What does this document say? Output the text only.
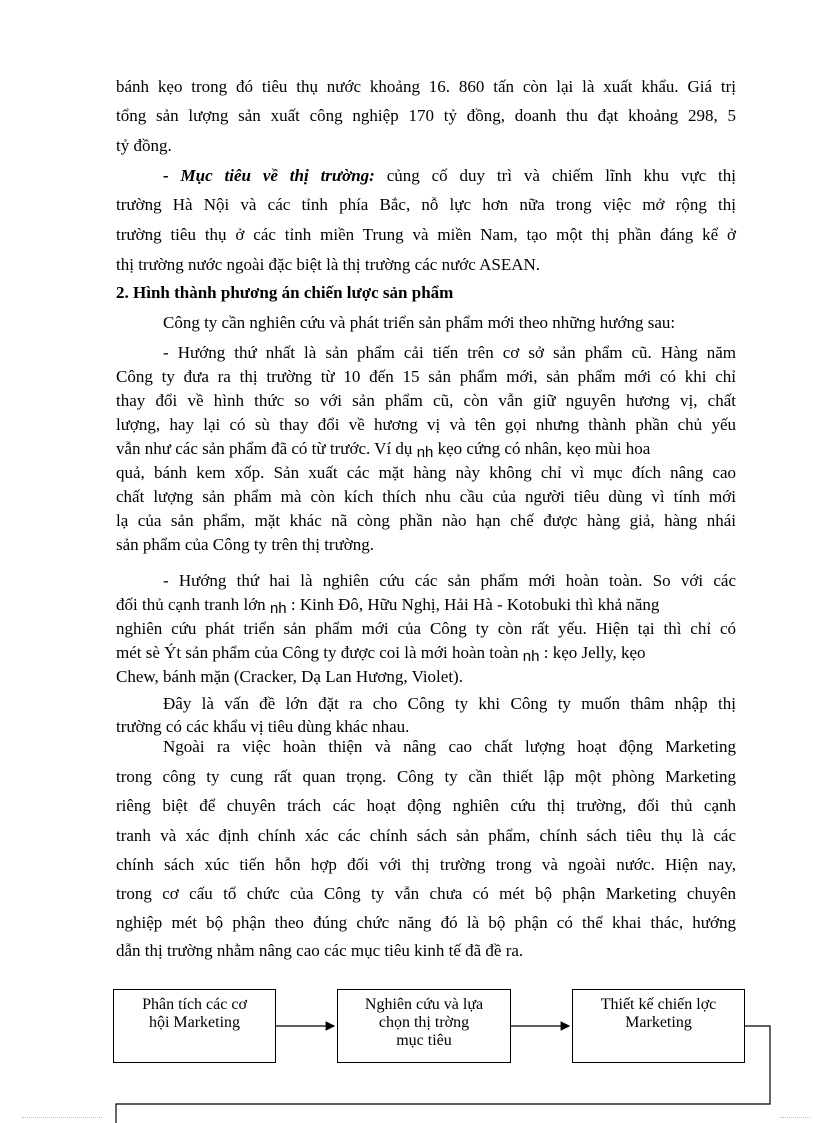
bánh kẹo trong đó tiêu thụ nước khoảng 16. 860 tấn còn lại là xuất khẩu. Giá trị
tổng sản lượng sản xuất công nghiệp 170 tỷ đồng, doanh thu đạt khoảng 298, 5
tỷ đồng.
- Mục tiêu về thị trường: củng cố duy trì và chiếm lĩnh khu vực thị
trường Hà Nội và các tỉnh phía Bắc, nỗ lực hơn nữa trong việc mở rộng thị
trường tiêu thụ ở các tỉnh miền Trung và miền Nam, tạo một thị phần đáng kể ở
thị trường nước ngoài đặc biệt là thị trường các nước ASEAN.
2. Hình thành phương án chiến lược sản phẩm
Công ty cần nghiên cứu và phát triển sản phẩm mới theo những hướng sau:
- Hướng thứ nhất là sản phẩm cải tiến trên cơ sở sản phẩm cũ. Hàng năm
Công ty đưa ra thị trường từ 10 đến 15 sản phẩm mới, sản phẩm mới có khi chỉ
thay đổi về hình thức so với sản phẩm cũ, còn vẫn giữ nguyên hương vị, chất
lượng, hay lại có sù thay đổi về hương vị và tên gọi nhưng thành phần chủ yếu
vẫn như các sản phẩm đã có từ trước. Ví dụ nh kẹo cứng có nhân, kẹo mùi hoa
quả, bánh kem xốp. Sản xuất các mặt hàng này không chỉ vì mục đích nâng cao
chất lượng sản phẩm mà còn kích thích nhu cầu của người tiêu dùng vì tính mới
lạ của sản phẩm, mặt khác nã còng phần nào hạn chế được hàng giả, hàng nhái
sản phẩm của Công ty trên thị trường.
- Hướng thứ hai là nghiên cứu các sản phẩm mới hoàn toàn. So với các
đối thủ cạnh tranh lớn nh : Kinh Đô, Hữu Nghị, Hải Hà - Kotobuki thì khả năng
nghiên cứu phát triển sản phẩm mới của Công ty còn rất yếu. Hiện tại thì chỉ có
mét sè Ýt sản phẩm của Công ty được coi là mới hoàn toàn nh : kẹo Jelly, kẹo
Chew, bánh mặn (Cracker, Dạ Lan Hương, Violet).
Đây là vấn đề lớn đặt ra cho Công ty khi Công ty muốn thâm nhập thị
trường có các khẩu vị tiêu dùng khác nhau.
Ngoài ra việc hoàn thiện và nâng cao chất lượng hoạt động Marketing
trong công ty cung rất quan trọng. Công ty cần thiết lập một phòng Marketing
riêng biệt để chuyên trách các hoạt động nghiên cứu thị trường, đối thủ cạnh
tranh và xác định chính xác các chính sách sản phẩm, chính sách tiêu thụ là các
chính sách xúc tiến hỗn hợp đối với thị trường trong và ngoài nước. Hiện nay,
trong cơ cấu tổ chức của Công ty vẫn chưa có mét bộ phận Marketing chuyên
nghiệp mét bộ phận theo đúng chức năng đó là bộ phận có thể khai thác, hướng
dẫn thị trường nhằm nâng cao các mục tiêu kinh tế đã đề ra.
Phân tích các cơ
hội Marketing
Nghiên cứu và lựa
chọn thị trờng
mục tiêu
Thiết kế chiến lợc
Marketing
